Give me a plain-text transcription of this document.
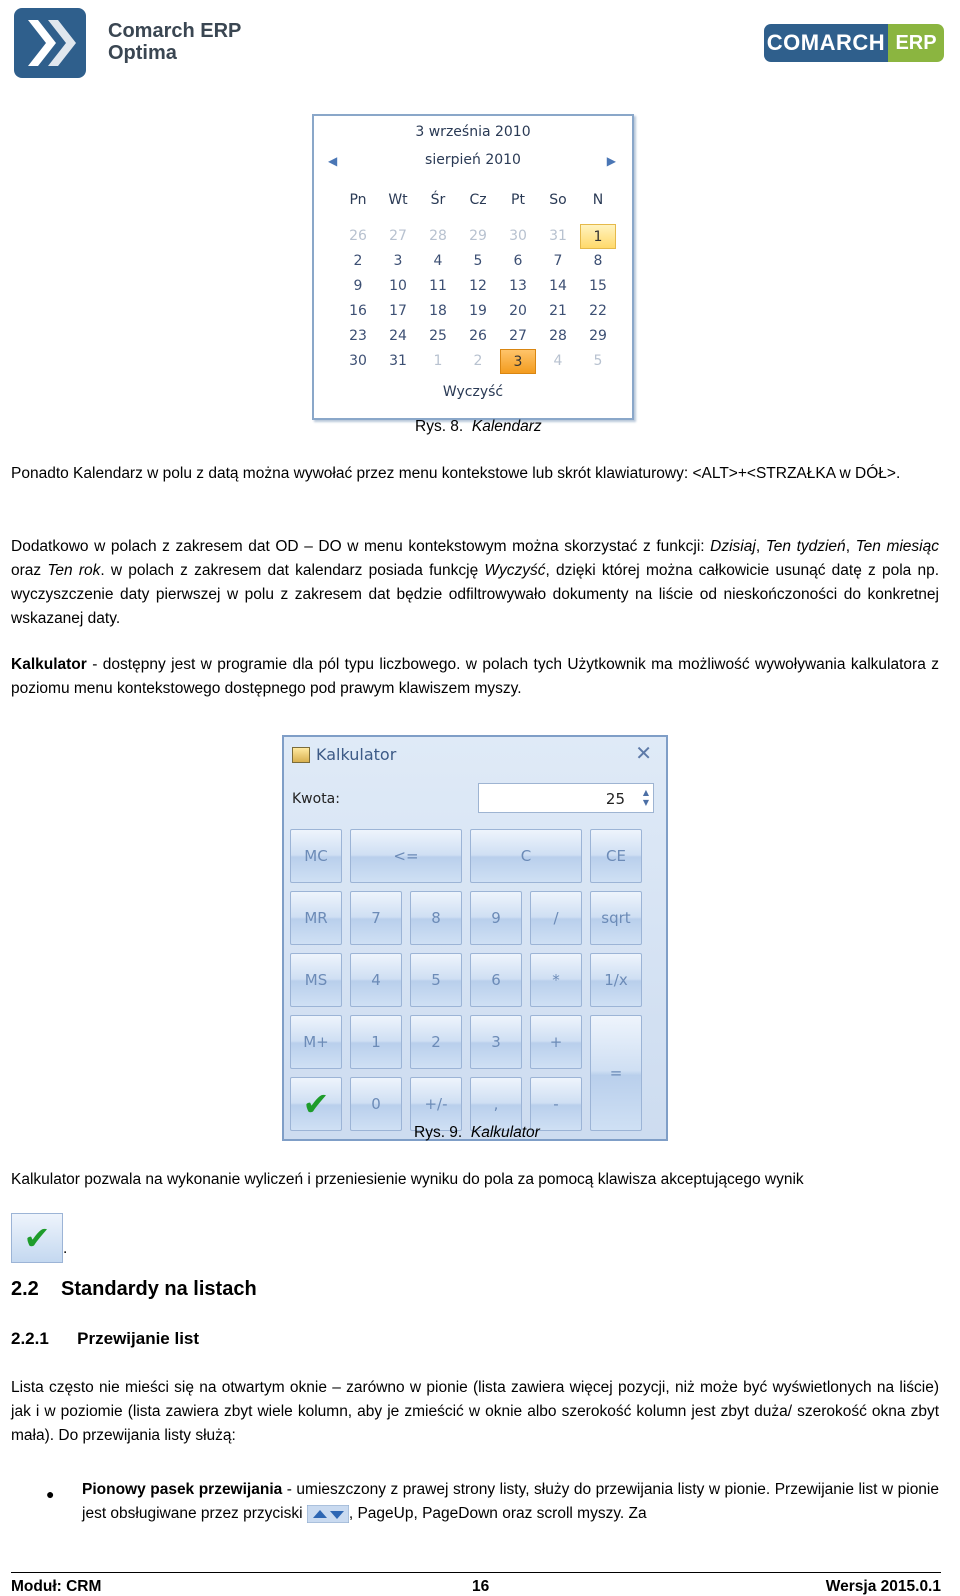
Comarch ERP
Optima	COMARCH ERP
3 września 2010
◀	sierpień 2010	▶
Pn	Wt	Śr	Cz	Pt	So	N
26	27	28	29	30	31	1
2	3	4	5	6	7	8
9	10	11	12	13	14	15
16	17	18	19	20	21	22
23	24	25	26	27	28	29
30	31	1	2	3	4	5
Wyczyść
Rys. 8. Kalendarz

Ponadto Kalendarz w polu z datą można wywołać przez menu kontekstowe lub skrót klawiaturowy: <ALT>+<STRZAŁKA w DÓŁ>.

Dodatkowo w polach z zakresem dat OD – DO w menu kontekstowym można skorzystać z funkcji: Dzisiaj, Ten tydzień, Ten miesiąc oraz Ten rok. w polach z zakresem dat kalendarz posiada funkcję Wyczyść, dzięki której można całkowicie usunąć datę z pola np. wyczyszczenie daty pierwszej w polu z zakresem dat będzie odfiltrowywało dokumenty na liście od nieskończoności do konkretnej wskazanej daty.

Kalkulator - dostępny jest w programie dla pól typu liczbowego. w polach tych Użytkownik ma możliwość wywoływania kalkulatora z poziomu menu kontekstowego dostępnego pod prawym klawiszem myszy.

Kalkulator	✕
Kwota:	25	▲
▼
MC	<=	C	CE
MR	7	8	9	/	sqrt
MS	4	5	6	*	1/x
M+	1	2	3	+
=
✔	0	+/-	,	-
Rys. 9. Kalkulator

Kalkulator pozwala na wykonanie wyliczeń i przeniesienie wyniku do pola za pomocą klawisza akceptującego wynik

✔ .
2.2 Standardy na listach
2.2.1 Przewijanie list

Lista często nie mieści się na otwartym oknie – zarówno w pionie (lista zawiera więcej pozycji, niż może być wyświetlonych na liście) jak i w poziomie (lista zawiera zbyt wiele kolumn, aby je zmieścić w oknie albo szerokość kolumn jest zbyt duża/ szerokość okna zbyt mała). Do przewijania listy służą:

● Pionowy pasek przewijania - umieszczony z prawej strony listy, służy do przewijania listy w pionie. Przewijanie list w pionie jest obsługiwane przez przyciski	, PageUp, PageDown oraz scroll myszy. Za

Moduł: CRM	16	Wersja 2015.0.1
